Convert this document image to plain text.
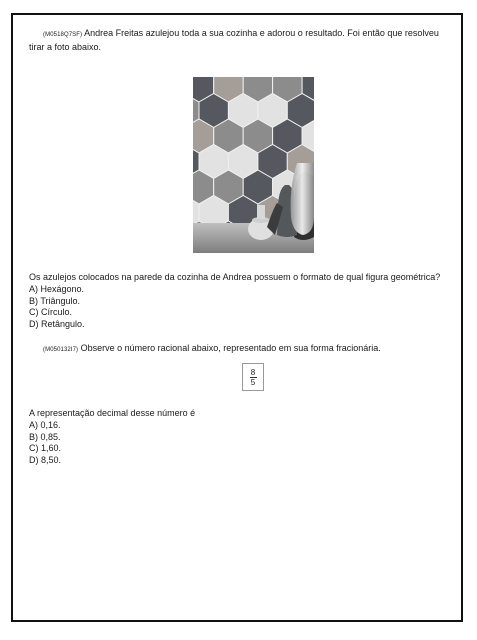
(M0518Q7SF) Andrea Freitas azulejou toda a sua cozinha e adorou o resultado. Foi então que resolveu tirar a foto abaixo.

Os azulejos colocados na parede da cozinha de Andrea possuem o formato de qual figura geométrica?

A) Hexágono.
B) Triângulo.
C) Círculo.
D) Retângulo.

(M050132I7) Observe o número racional abaixo, representado em sua forma fracionária.

8
5

A representação decimal desse número é

A) 0,16.
B) 0,85.
C) 1,60.
D) 8,50.
